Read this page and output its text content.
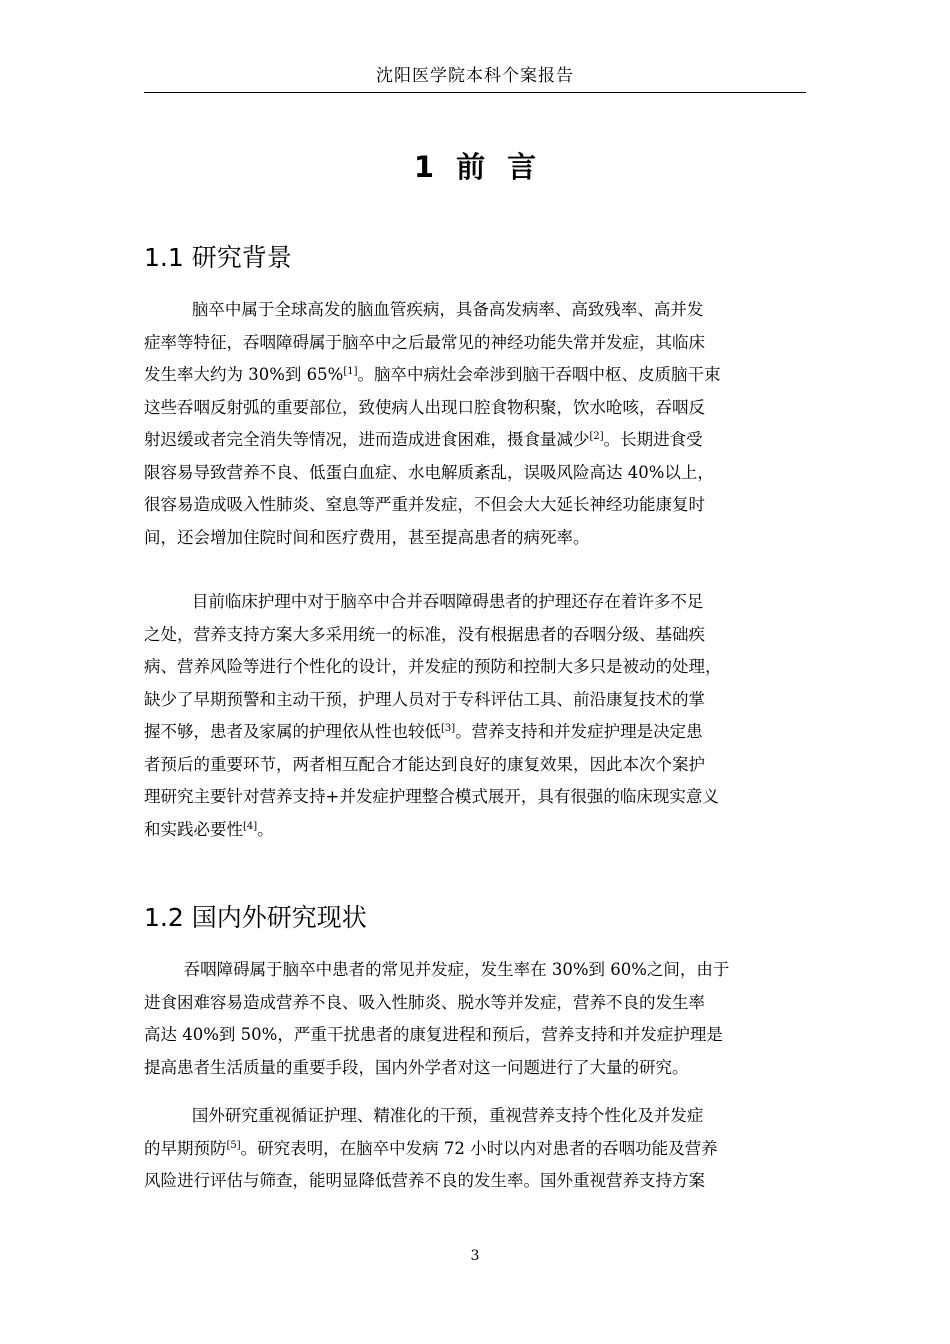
沈阳医学院本科个案报告
1 前 言
1.1 研究背景
脑卒中属于全球高发的脑血管疾病，具备高发病率、高致残率、高并发
症率等特征，吞咽障碍属于脑卒中之后最常见的神经功能失常并发症，其临床
发生率大约为 30%到 65%[1]。脑卒中病灶会牵涉到脑干吞咽中枢、皮质脑干束
这些吞咽反射弧的重要部位，致使病人出现口腔食物积聚，饮水呛咳，吞咽反
射迟缓或者完全消失等情况，进而造成进食困难，摄食量减少[2]。长期进食受
限容易导致营养不良、低蛋白血症、水电解质紊乱，误吸风险高达 40%以上，
很容易造成吸入性肺炎、窒息等严重并发症，不但会大大延长神经功能康复时
间，还会增加住院时间和医疗费用，甚至提高患者的病死率。
目前临床护理中对于脑卒中合并吞咽障碍患者的护理还存在着许多不足
之处，营养支持方案大多采用统一的标准，没有根据患者的吞咽分级、基础疾
病、营养风险等进行个性化的设计，并发症的预防和控制大多只是被动的处理，
缺少了早期预警和主动干预，护理人员对于专科评估工具、前沿康复技术的掌
握不够，患者及家属的护理依从性也较低[3]。营养支持和并发症护理是决定患
者预后的重要环节，两者相互配合才能达到良好的康复效果，因此本次个案护
理研究主要针对营养支持+并发症护理整合模式展开，具有很强的临床现实意义
和实践必要性[4]。
1.2 国内外研究现状
吞咽障碍属于脑卒中患者的常见并发症，发生率在 30%到 60%之间，由于
进食困难容易造成营养不良、吸入性肺炎、脱水等并发症，营养不良的发生率
高达 40%到 50%，严重干扰患者的康复进程和预后，营养支持和并发症护理是
提高患者生活质量的重要手段，国内外学者对这一问题进行了大量的研究。
国外研究重视循证护理、精准化的干预，重视营养支持个性化及并发症
的早期预防[5]。研究表明，在脑卒中发病 72 小时以内对患者的吞咽功能及营养
风险进行评估与筛查，能明显降低营养不良的发生率。国外重视营养支持方案
3
